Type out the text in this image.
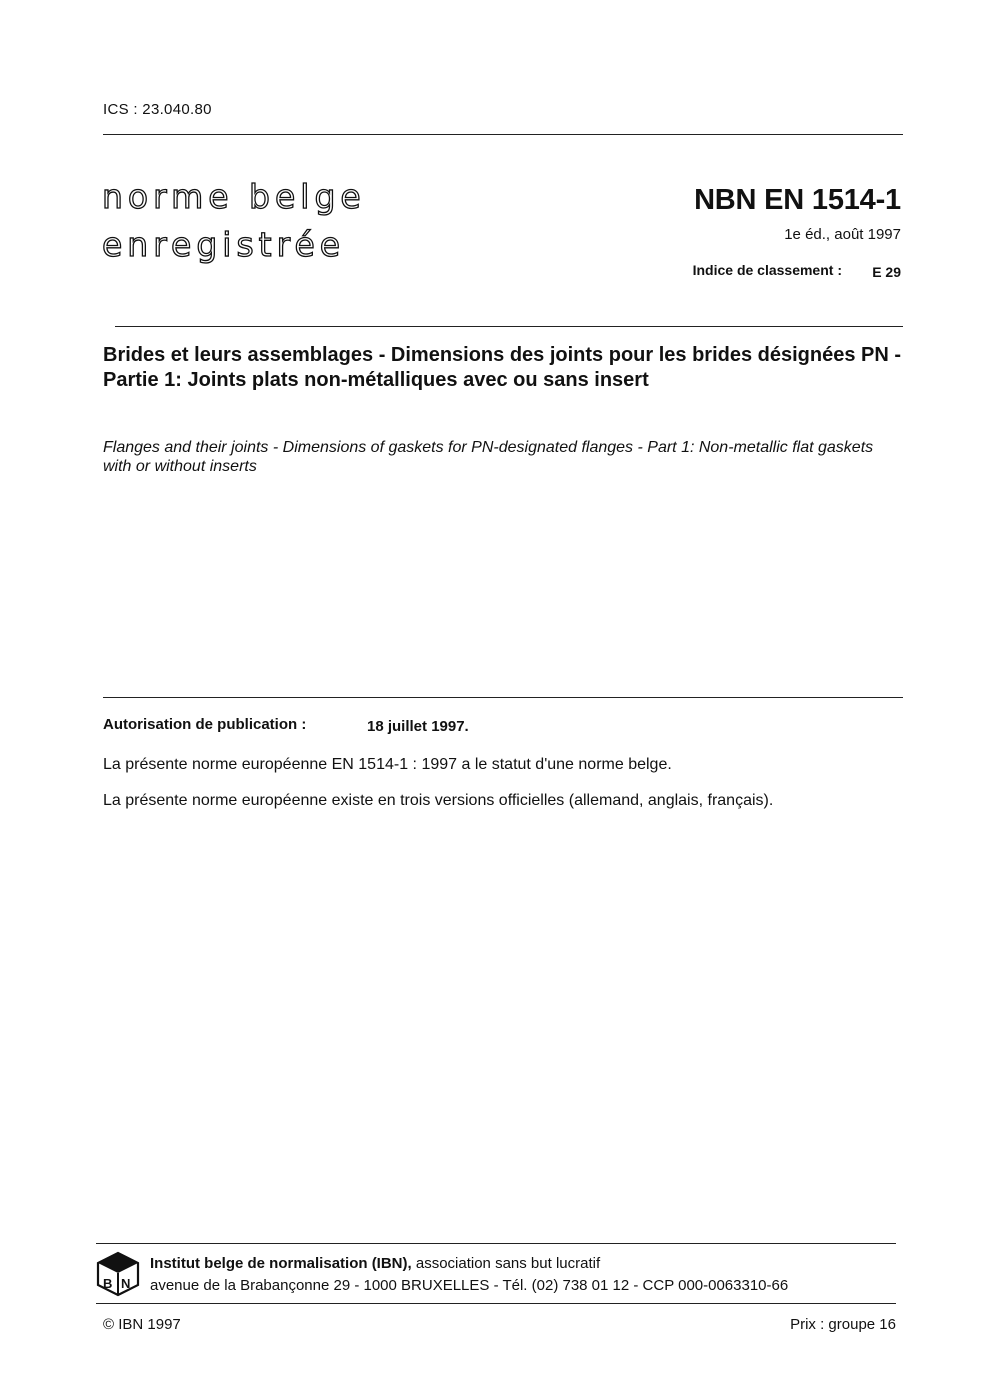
ICS : 23.040.80
norme belge
enregistrée
NBN EN 1514-1
1e éd., août 1997
Indice de classement : E 29
Brides et leurs assemblages - Dimensions des joints pour les brides désignées PN - Partie 1: Joints plats non-métalliques avec ou sans insert
Flanges and their joints - Dimensions of gaskets for PN-designated flanges - Part 1: Non-metallic flat gaskets with or without inserts
Autorisation de publication :	18 juillet 1997.
La présente norme européenne EN 1514-1 : 1997 a le statut d'une norme belge.
La présente norme européenne existe en trois versions officielles (allemand, anglais, français).
B N
Institut belge de normalisation (IBN), association sans but lucratif
avenue de la Brabançonne 29 - 1000 BRUXELLES - Tél. (02) 738 01 12 - CCP 000-0063310-66
© IBN 1997	Prix : groupe 16
